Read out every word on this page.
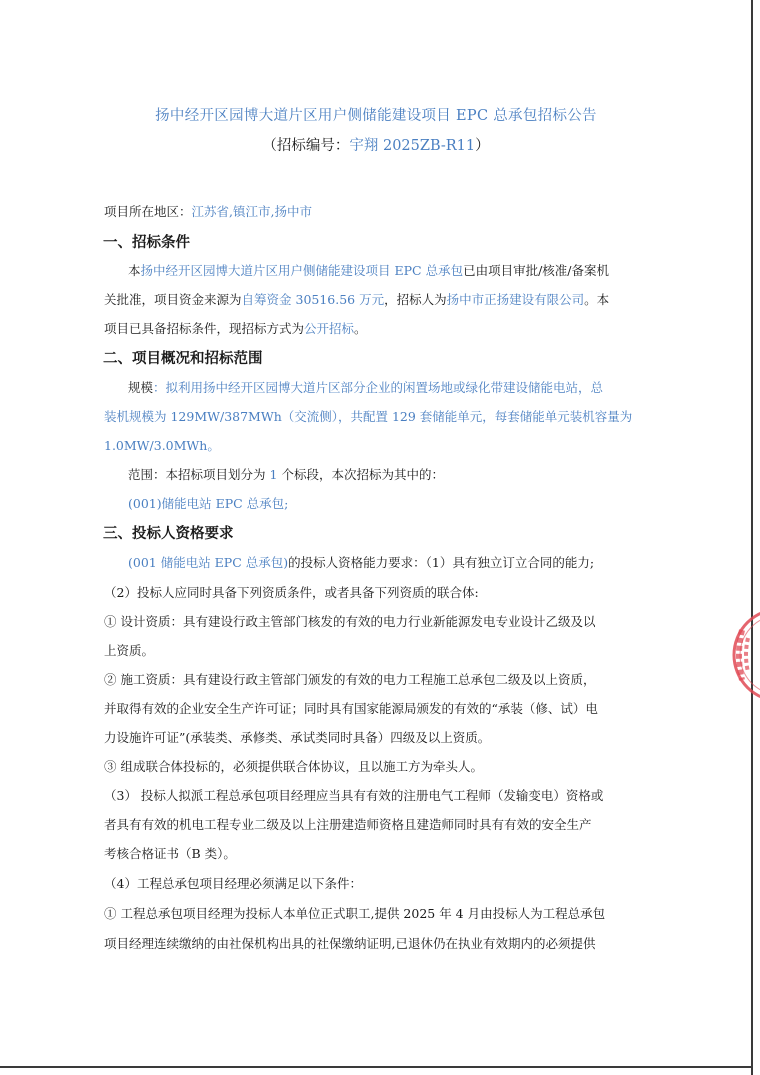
扬中经开区园博大道片区用户侧储能建设项目 EPC 总承包招标公告
（招标编号：宇翔 2025ZB-R11）
项目所在地区：江苏省,镇江市,扬中市
一、招标条件
本扬中经开区园博大道片区用户侧储能建设项目 EPC 总承包已由项目审批/核准/备案机
关批准，项目资金来源为自筹资金 30516.56 万元，招标人为扬中市正扬建设有限公司。本
项目已具备招标条件，现招标方式为公开招标。
二、项目概况和招标范围
规模：拟利用扬中经开区园博大道片区部分企业的闲置场地或绿化带建设储能电站，总
装机规模为 129MW/387MWh（交流侧），共配置 129 套储能单元，每套储能单元装机容量为
1.0MW/3.0MWh。
范围：本招标项目划分为 1 个标段，本次招标为其中的：
(001)储能电站 EPC 总承包;
三、投标人资格要求
(001 储能电站 EPC 总承包)的投标人资格能力要求：（1）具有独立订立合同的能力;
（2）投标人应同时具备下列资质条件，或者具备下列资质的联合体:
① 设计资质：具有建设行政主管部门核发的有效的电力行业新能源发电专业设计乙级及以
上资质。
② 施工资质：具有建设行政主管部门颁发的有效的电力工程施工总承包二级及以上资质，
并取得有效的企业安全生产许可证；同时具有国家能源局颁发的有效的“承装（修、试）电
力设施许可证”(承装类、承修类、承试类同时具备）四级及以上资质。
③ 组成联合体投标的，必须提供联合体协议，且以施工方为牵头人。
（3） 投标人拟派工程总承包项目经理应当具有有效的注册电气工程师（发输变电）资格或
者具有有效的机电工程专业二级及以上注册建造师资格且建造师同时具有有效的安全生产
考核合格证书（B 类）。
（4）工程总承包项目经理必须满足以下条件：
① 工程总承包项目经理为投标人本单位正式职工,提供 2025 年 4 月由投标人为工程总承包
项目经理连续缴纳的由社保机构出具的社保缴纳证明,已退休仍在执业有效期内的必须提供
